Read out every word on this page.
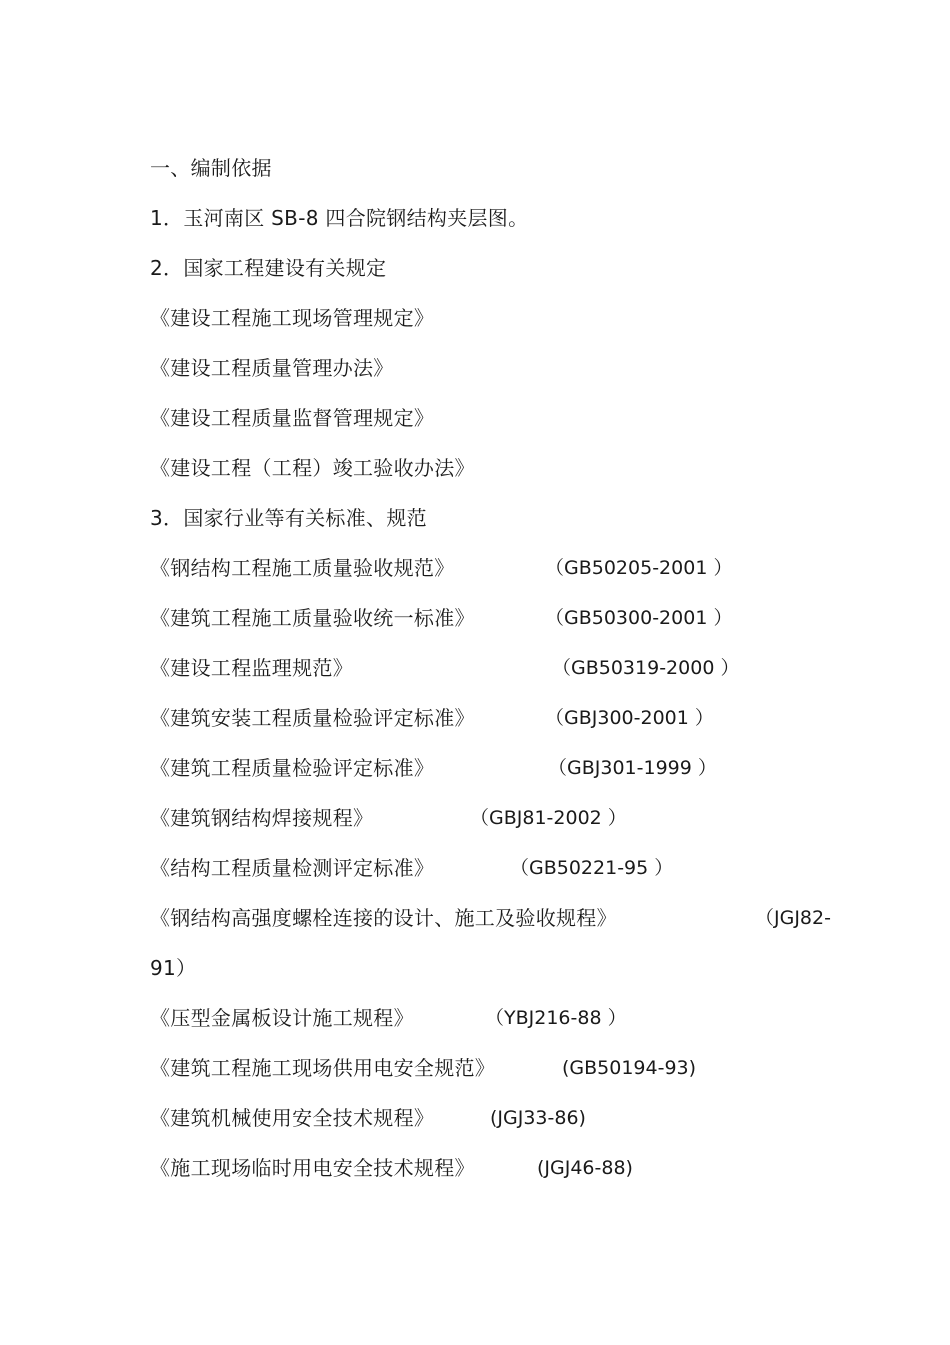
一、编制依据
1．玉河南区 SB-8 四合院钢结构夹层图。
2．国家工程建设有关规定
《建设工程施工现场管理规定》
《建设工程质量管理办法》
《建设工程质量监督管理规定》
《建设工程（工程）竣工验收办法》
3．国家行业等有关标准、规范
《钢结构工程施工质量验收规范》	（GB50205-2001 ）
《建筑工程施工质量验收统一标准》	（GB50300-2001 ）
《建设工程监理规范》	（GB50319-2000 ）
《建筑安装工程质量检验评定标准》	（GBJ300-2001 ）
《建筑工程质量检验评定标准》	（GBJ301-1999 ）
《建筑钢结构焊接规程》	（GBJ81-2002 ）
《结构工程质量检测评定标准》	（GB50221-95 ）
《钢结构高强度螺栓连接的设计、施工及验收规程》	（JGJ82-
91）
《压型金属板设计施工规程》	（YBJ216-88 ）
《建筑工程施工现场供用电安全规范》	(GB50194-93)
《建筑机械使用安全技术规程》	(JGJ33-86)
《施工现场临时用电安全技术规程》	(JGJ46-88)
